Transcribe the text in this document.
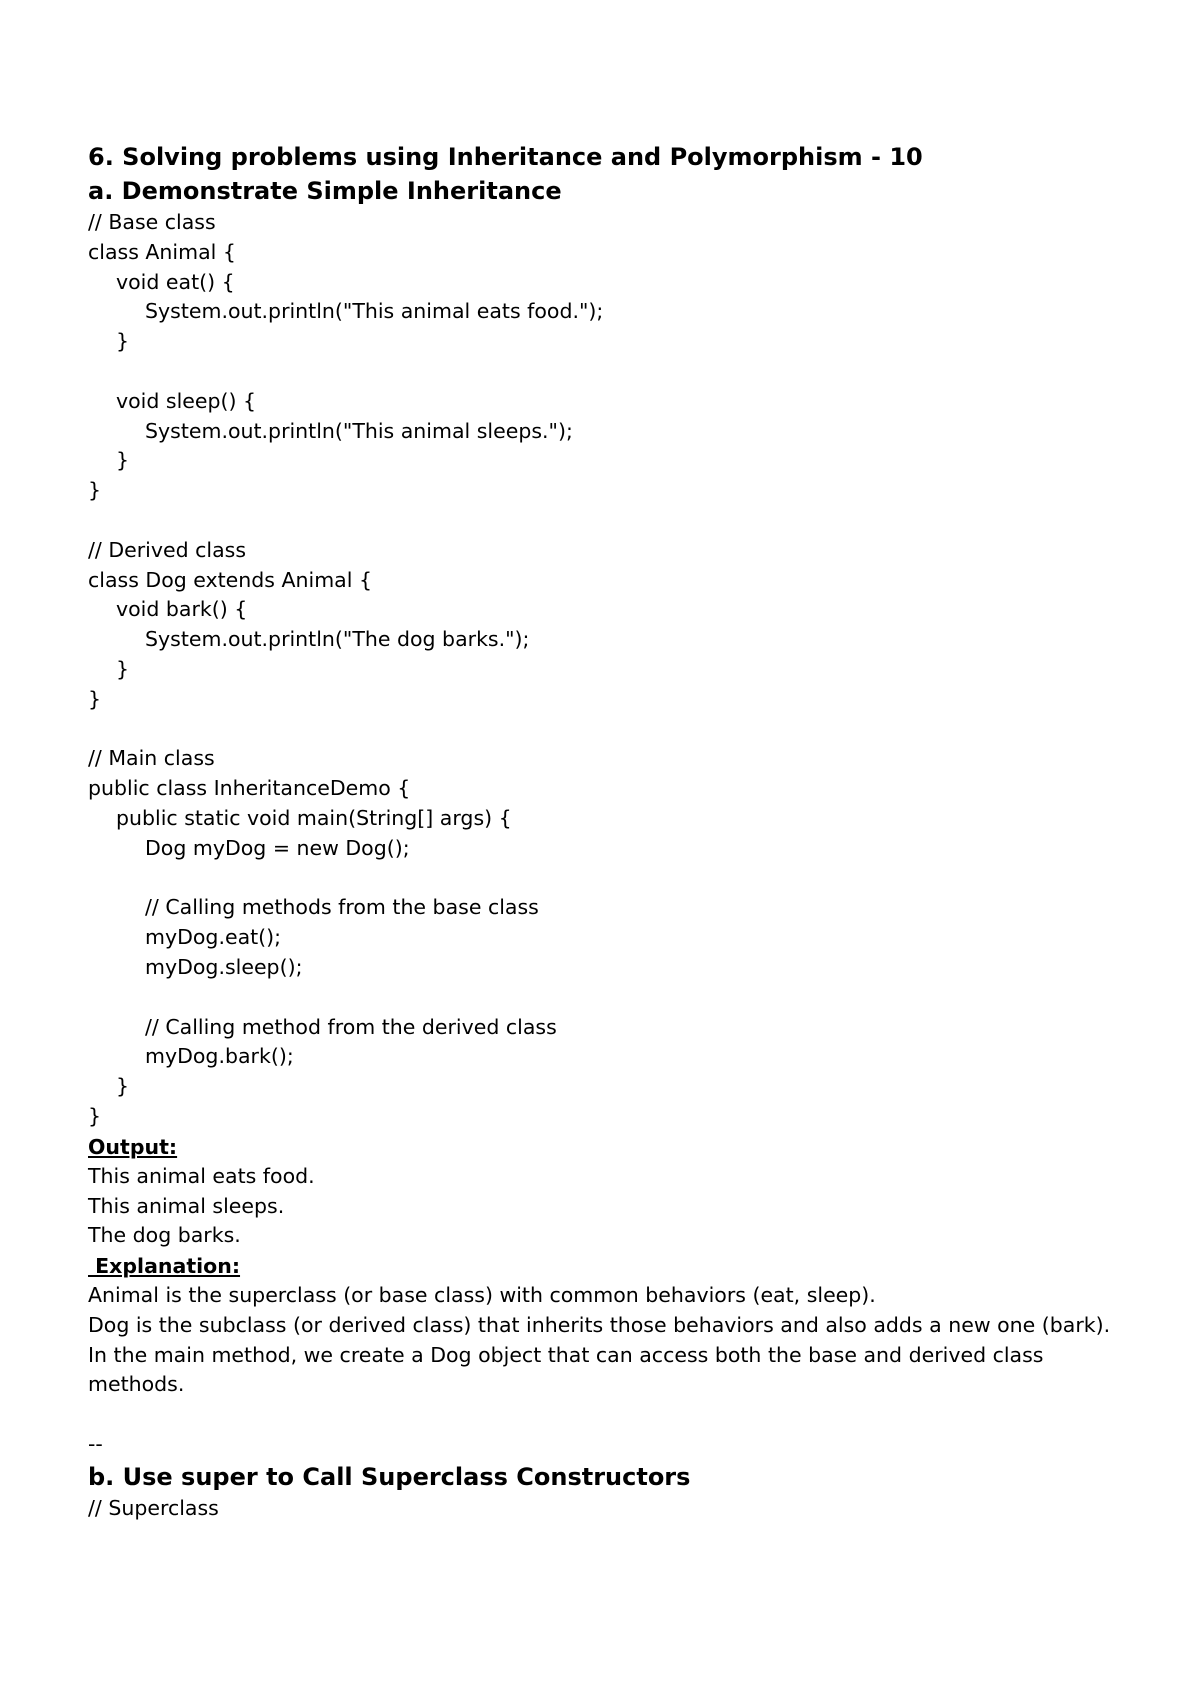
6. Solving problems using Inheritance and Polymorphism - 10
a. Demonstrate Simple Inheritance
// Base class
class Animal {
void eat() {
System.out.println("This animal eats food.");
}
void sleep() {
System.out.println("This animal sleeps.");
}
}
// Derived class
class Dog extends Animal {
void bark() {
System.out.println("The dog barks.");
}
}
// Main class
public class InheritanceDemo {
public static void main(String[] args) {
Dog myDog = new Dog();
// Calling methods from the base class
myDog.eat();
myDog.sleep();
// Calling method from the derived class
myDog.bark();
}
}
Output:
This animal eats food.
This animal sleeps.
The dog barks.
Explanation:
Animal is the superclass (or base class) with common behaviors (eat, sleep).
Dog is the subclass (or derived class) that inherits those behaviors and also adds a new one (bark).
In the main method, we create a Dog object that can access both the base and derived class methods.
--
b. Use super to Call Superclass Constructors
// Superclass
